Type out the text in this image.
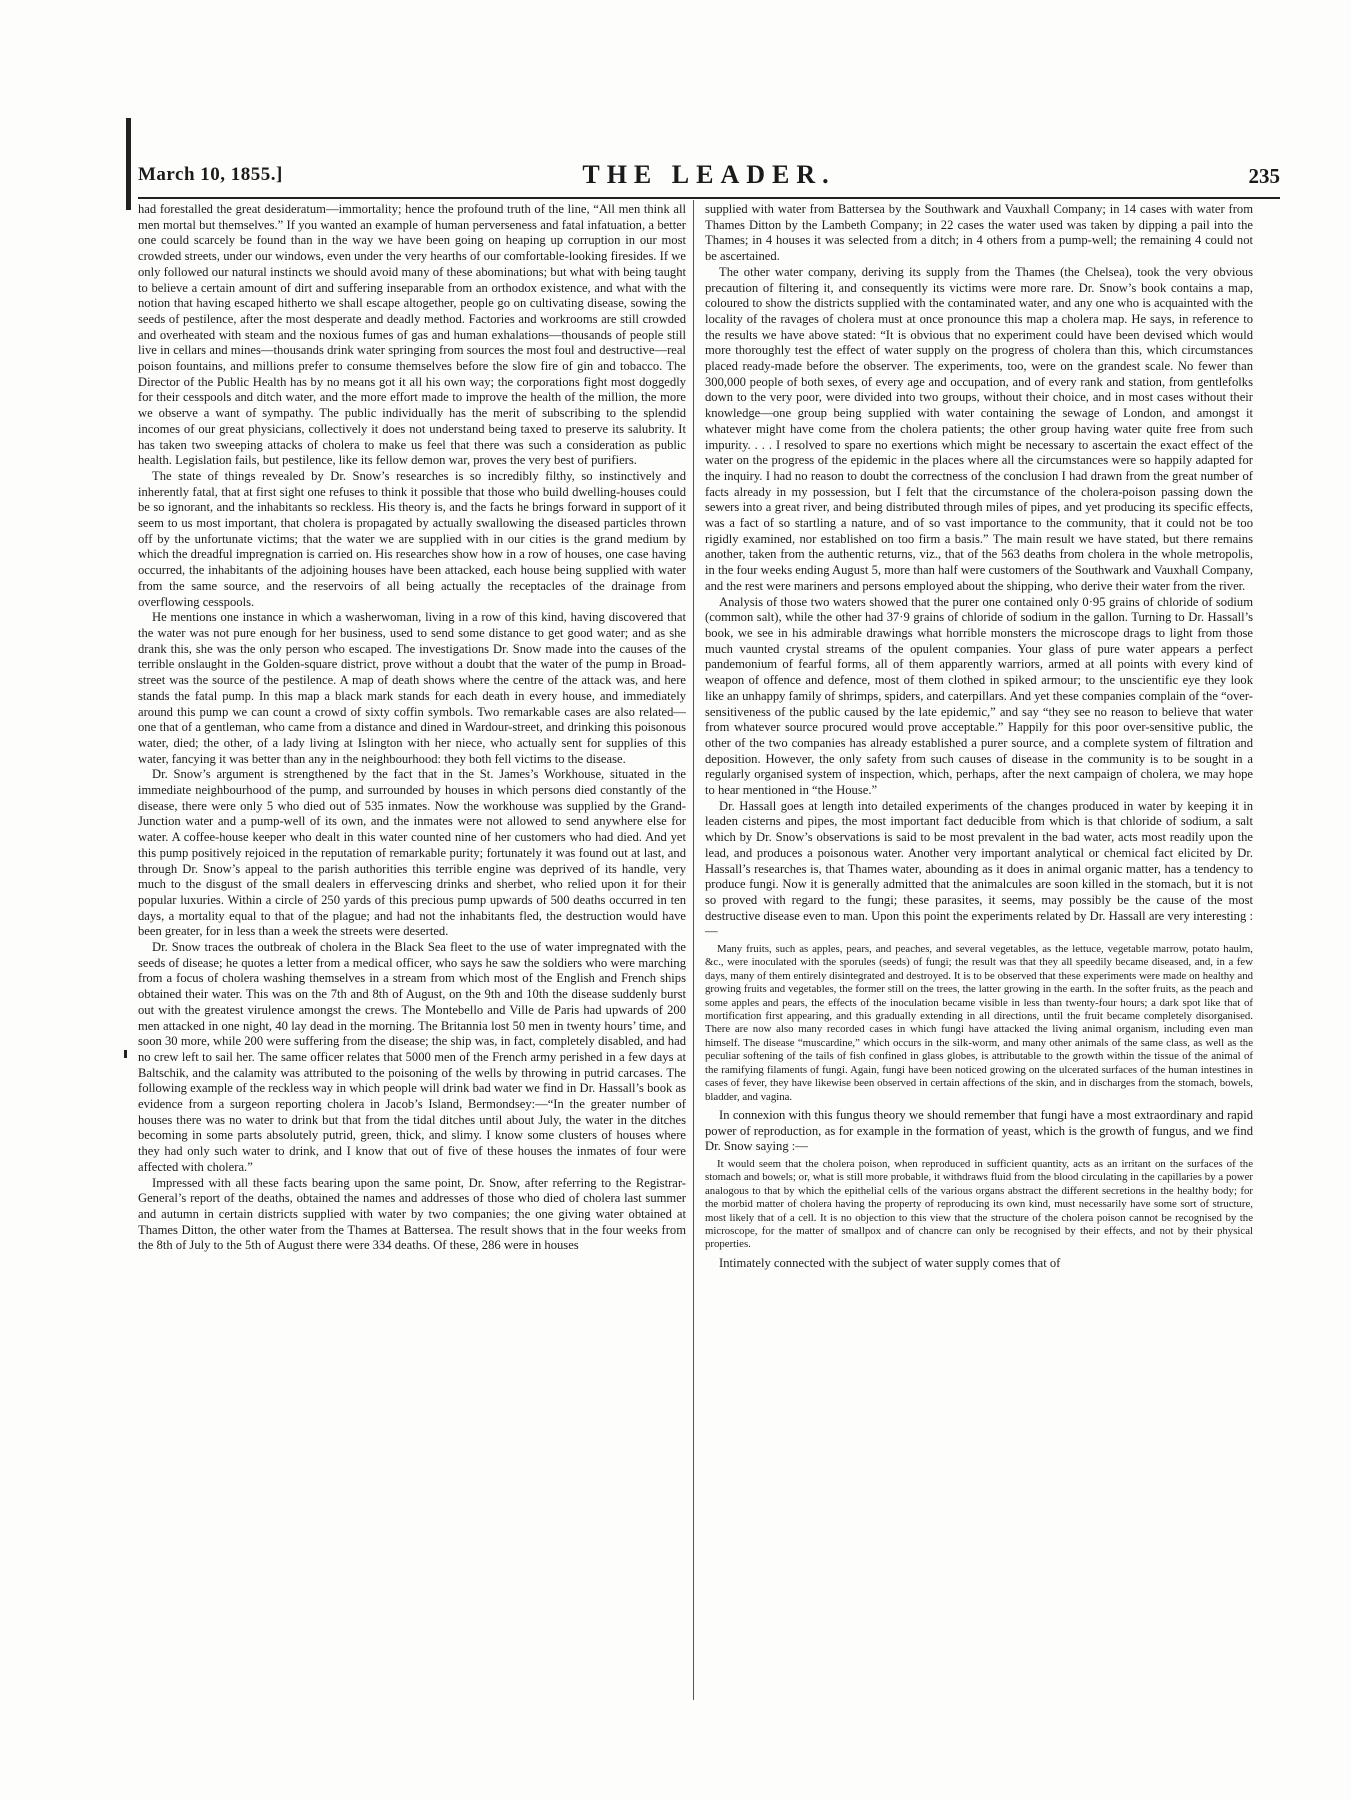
March 10, 1855.]	THE LEADER.	235

had forestalled the great desideratum—immortality; hence the profound truth of the line, “All men think all men mortal but themselves.” If you wanted an example of human perverseness and fatal infatuation, a better one could scarcely be found than in the way we have been going on heaping up corruption in our most crowded streets, under our windows, even under the very hearths of our comfortable-looking firesides. If we only followed our natural instincts we should avoid many of these abominations; but what with being taught to believe a certain amount of dirt and suffering inseparable from an orthodox existence, and what with the notion that having escaped hitherto we shall escape altogether, people go on cultivating disease, sowing the seeds of pestilence, after the most desperate and deadly method. Factories and workrooms are still crowded and overheated with steam and the noxious fumes of gas and human exhalations—thousands of people still live in cellars and mines—thousands drink water springing from sources the most foul and destructive—real poison fountains, and millions prefer to consume themselves before the slow fire of gin and tobacco. The Director of the Public Health has by no means got it all his own way; the corporations fight most doggedly for their cesspools and ditch water, and the more effort made to improve the health of the million, the more we observe a want of sympathy. The public individually has the merit of subscribing to the splendid incomes of our great physicians, collectively it does not understand being taxed to preserve its salubrity. It has taken two sweeping attacks of cholera to make us feel that there was such a consideration as public health. Legislation fails, but pestilence, like its fellow demon war, proves the very best of purifiers.

The state of things revealed by Dr. Snow’s researches is so incredibly filthy, so instinctively and inherently fatal, that at first sight one refuses to think it possible that those who build dwelling-houses could be so ignorant, and the inhabitants so reckless. His theory is, and the facts he brings forward in support of it seem to us most important, that cholera is propagated by actually swallowing the diseased particles thrown off by the unfortunate victims; that the water we are supplied with in our cities is the grand medium by which the dreadful impregnation is carried on. His researches show how in a row of houses, one case having occurred, the inhabitants of the adjoining houses have been attacked, each house being supplied with water from the same source, and the reservoirs of all being actually the receptacles of the drainage from overflowing cesspools.

He mentions one instance in which a washerwoman, living in a row of this kind, having discovered that the water was not pure enough for her business, used to send some distance to get good water; and as she drank this, she was the only person who escaped. The investigations Dr. Snow made into the causes of the terrible onslaught in the Golden-square district, prove without a doubt that the water of the pump in Broad-street was the source of the pestilence. A map of death shows where the centre of the attack was, and here stands the fatal pump. In this map a black mark stands for each death in every house, and immediately around this pump we can count a crowd of sixty coffin symbols. Two remarkable cases are also related—one that of a gentleman, who came from a distance and dined in Wardour-street, and drinking this poisonous water, died; the other, of a lady living at Islington with her niece, who actually sent for supplies of this water, fancying it was better than any in the neighbourhood: they both fell victims to the disease.

Dr. Snow’s argument is strengthened by the fact that in the St. James’s Workhouse, situated in the immediate neighbourhood of the pump, and surrounded by houses in which persons died constantly of the disease, there were only 5 who died out of 535 inmates. Now the workhouse was supplied by the Grand-Junction water and a pump-well of its own, and the inmates were not allowed to send anywhere else for water. A coffee-house keeper who dealt in this water counted nine of her customers who had died. And yet this pump positively rejoiced in the reputation of remarkable purity; fortunately it was found out at last, and through Dr. Snow’s appeal to the parish authorities this terrible engine was deprived of its handle, very much to the disgust of the small dealers in effervescing drinks and sherbet, who relied upon it for their popular luxuries. Within a circle of 250 yards of this precious pump upwards of 500 deaths occurred in ten days, a mortality equal to that of the plague; and had not the inhabitants fled, the destruction would have been greater, for in less than a week the streets were deserted.

Dr. Snow traces the outbreak of cholera in the Black Sea fleet to the use of water impregnated with the seeds of disease; he quotes a letter from a medical officer, who says he saw the soldiers who were marching from a focus of cholera washing themselves in a stream from which most of the English and French ships obtained their water. This was on the 7th and 8th of August, on the 9th and 10th the disease suddenly burst out with the greatest virulence amongst the crews. The Montebello and Ville de Paris had upwards of 200 men attacked in one night, 40 lay dead in the morning. The Britannia lost 50 men in twenty hours’ time, and soon 30 more, while 200 were suffering from the disease; the ship was, in fact, completely disabled, and had no crew left to sail her. The same officer relates that 5000 men of the French army perished in a few days at Baltschik, and the calamity was attributed to the poisoning of the wells by throwing in putrid carcases. The following example of the reckless way in which people will drink bad water we find in Dr. Hassall’s book as evidence from a surgeon reporting cholera in Jacob’s Island, Bermondsey:—“In the greater number of houses there was no water to drink but that from the tidal ditches until about July, the water in the ditches becoming in some parts absolutely putrid, green, thick, and slimy. I know some clusters of houses where they had only such water to drink, and I know that out of five of these houses the inmates of four were affected with cholera.”

Impressed with all these facts bearing upon the same point, Dr. Snow, after referring to the Registrar-General’s report of the deaths, obtained the names and addresses of those who died of cholera last summer and autumn in certain districts supplied with water by two companies; the one giving water obtained at Thames Ditton, the other water from the Thames at Battersea. The result shows that in the four weeks from the 8th of July to the 5th of August there were 334 deaths. Of these, 286 were in houses

supplied with water from Battersea by the Southwark and Vauxhall Company; in 14 cases with water from Thames Ditton by the Lambeth Company; in 22 cases the water used was taken by dipping a pail into the Thames; in 4 houses it was selected from a ditch; in 4 others from a pump-well; the remaining 4 could not be ascertained.

The other water company, deriving its supply from the Thames (the Chelsea), took the very obvious precaution of filtering it, and consequently its victims were more rare. Dr. Snow’s book contains a map, coloured to show the districts supplied with the contaminated water, and any one who is acquainted with the locality of the ravages of cholera must at once pronounce this map a cholera map. He says, in reference to the results we have above stated: “It is obvious that no experiment could have been devised which would more thoroughly test the effect of water supply on the progress of cholera than this, which circumstances placed ready-made before the observer. The experiments, too, were on the grandest scale. No fewer than 300,000 people of both sexes, of every age and occupation, and of every rank and station, from gentlefolks down to the very poor, were divided into two groups, without their choice, and in most cases without their knowledge—one group being supplied with water containing the sewage of London, and amongst it whatever might have come from the cholera patients; the other group having water quite free from such impurity. . . . I resolved to spare no exertions which might be necessary to ascertain the exact effect of the water on the progress of the epidemic in the places where all the circumstances were so happily adapted for the inquiry. I had no reason to doubt the correctness of the conclusion I had drawn from the great number of facts already in my possession, but I felt that the circumstance of the cholera-poison passing down the sewers into a great river, and being distributed through miles of pipes, and yet producing its specific effects, was a fact of so startling a nature, and of so vast importance to the community, that it could not be too rigidly examined, nor established on too firm a basis.” The main result we have stated, but there remains another, taken from the authentic returns, viz., that of the 563 deaths from cholera in the whole metropolis, in the four weeks ending August 5, more than half were customers of the Southwark and Vauxhall Company, and the rest were mariners and persons employed about the shipping, who derive their water from the river.

Analysis of those two waters showed that the purer one contained only 0·95 grains of chloride of sodium (common salt), while the other had 37·9 grains of chloride of sodium in the gallon. Turning to Dr. Hassall’s book, we see in his admirable drawings what horrible monsters the microscope drags to light from those much vaunted crystal streams of the opulent companies. Your glass of pure water appears a perfect pandemonium of fearful forms, all of them apparently warriors, armed at all points with every kind of weapon of offence and defence, most of them clothed in spiked armour; to the unscientific eye they look like an unhappy family of shrimps, spiders, and caterpillars. And yet these companies complain of the “over-sensitiveness of the public caused by the late epidemic,” and say “they see no reason to believe that water from whatever source procured would prove acceptable.” Happily for this poor over-sensitive public, the other of the two companies has already established a purer source, and a complete system of filtration and deposition. However, the only safety from such causes of disease in the community is to be sought in a regularly organised system of inspection, which, perhaps, after the next campaign of cholera, we may hope to hear mentioned in “the House.”

Dr. Hassall goes at length into detailed experiments of the changes produced in water by keeping it in leaden cisterns and pipes, the most important fact deducible from which is that chloride of sodium, a salt which by Dr. Snow’s observations is said to be most prevalent in the bad water, acts most readily upon the lead, and produces a poisonous water. Another very important analytical or chemical fact elicited by Dr. Hassall’s researches is, that Thames water, abounding as it does in animal organic matter, has a tendency to produce fungi. Now it is generally admitted that the animalcules are soon killed in the stomach, but it is not so proved with regard to the fungi; these parasites, it seems, may possibly be the cause of the most destructive disease even to man. Upon this point the experiments related by Dr. Hassall are very interesting :—

Many fruits, such as apples, pears, and peaches, and several vegetables, as the lettuce, vegetable marrow, potato haulm, &c., were inoculated with the sporules (seeds) of fungi; the result was that they all speedily became diseased, and, in a few days, many of them entirely disintegrated and destroyed. It is to be observed that these experiments were made on healthy and growing fruits and vegetables, the former still on the trees, the latter growing in the earth. In the softer fruits, as the peach and some apples and pears, the effects of the inoculation became visible in less than twenty-four hours; a dark spot like that of mortification first appearing, and this gradually extending in all directions, until the fruit became completely disorganised. There are now also many recorded cases in which fungi have attacked the living animal organism, including even man himself. The disease “muscardine,” which occurs in the silk-worm, and many other animals of the same class, as well as the peculiar softening of the tails of fish confined in glass globes, is attributable to the growth within the tissue of the animal of the ramifying filaments of fungi. Again, fungi have been noticed growing on the ulcerated surfaces of the human intestines in cases of fever, they have likewise been observed in certain affections of the skin, and in discharges from the stomach, bowels, bladder, and vagina.

In connexion with this fungus theory we should remember that fungi have a most extraordinary and rapid power of reproduction, as for example in the formation of yeast, which is the growth of fungus, and we find Dr. Snow saying :—

It would seem that the cholera poison, when reproduced in sufficient quantity, acts as an irritant on the surfaces of the stomach and bowels; or, what is still more probable, it withdraws fluid from the blood circulating in the capillaries by a power analogous to that by which the epithelial cells of the various organs abstract the different secretions in the healthy body; for the morbid matter of cholera having the property of reproducing its own kind, must necessarily have some sort of structure, most likely that of a cell. It is no objection to this view that the structure of the cholera poison cannot be recognised by the microscope, for the matter of smallpox and of chancre can only be recognised by their effects, and not by their physical properties.

Intimately connected with the subject of water supply comes that of
